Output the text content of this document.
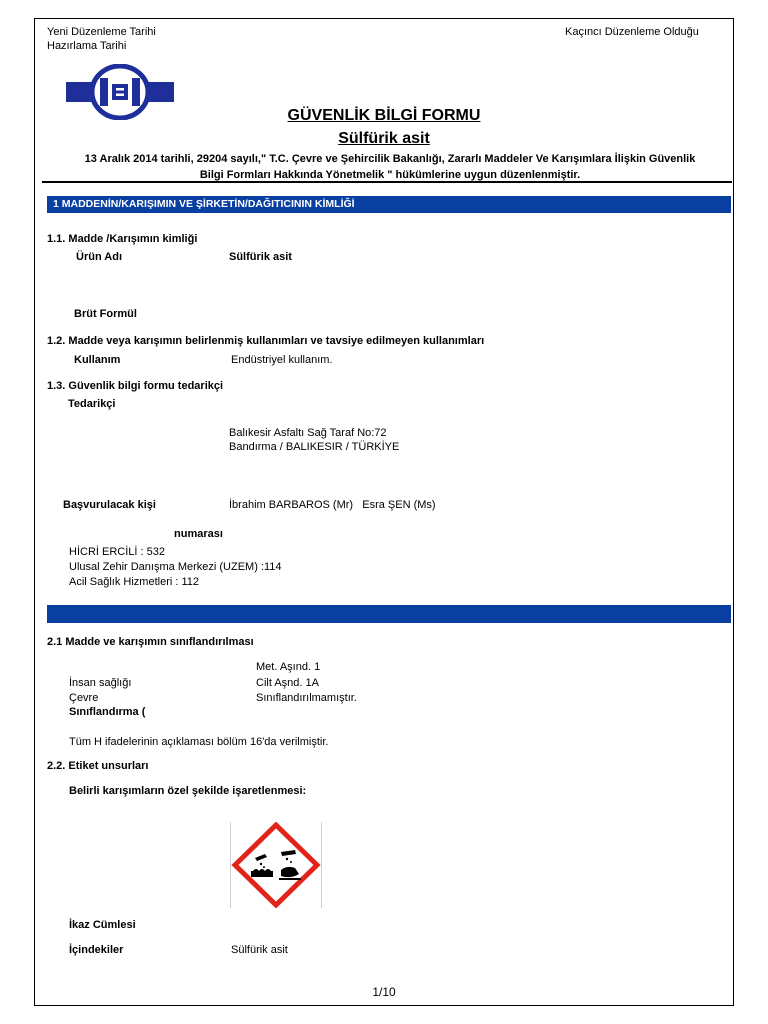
Yeni Düzenleme Tarihi
Hazırlama Tarihi
Kaçıncı Düzenleme Olduğu
GÜVENLİK BİLGİ FORMU
Sülfürik asit
13 Aralık 2014 tarihli, 29204 sayılı," T.C. Çevre ve Şehircilik Bakanlığı, Zararlı Maddeler Ve Karışımlara İlişkin Güvenlik
Bilgi Formları Hakkında Yönetmelik " hükümlerine uygun düzenlenmiştir.
1 MADDENİN/KARIŞIMIN VE ŞİRKETİN/DAĞITICININ KİMLİĞİ
1.1. Madde /Karışımın kimliği
Ürün Adı	Sülfürik asit
Brüt Formül
1.2. Madde veya karışımın belirlenmiş kullanımları ve tavsiye edilmeyen kullanımları
Kullanım	Endüstriyel kullanım.
1.3. Güvenlik bilgi formu tedarikçi
Tedarikçi
Balıkesir Asfaltı Sağ Taraf No:72
Bandırma / BALIKESIR / TÜRKİYE
Başvurulacak kişi	İbrahim BARBAROS (Mr)   Esra ŞEN (Ms)
numarası
HİCRİ ERCİLİ : 532
Ulusal Zehir Danışma Merkezi (UZEM) :114
Acil Sağlık Hizmetleri : 112
2.1 Madde ve karışımın sınıflandırılması
Met. Aşınd. 1
İnsan sağlığı	Cilt Aşnd. 1A
Çevre	Sınıflandırılmamıştır.
Sınıflandırma (
Tüm H ifadelerinin açıklaması bölüm 16'da verilmiştir.
2.2. Etiket unsurları
Belirli karışımların özel şekilde işaretlenmesi:
İkaz Cümlesi
İçindekiler	Sülfürik asit
1/10
